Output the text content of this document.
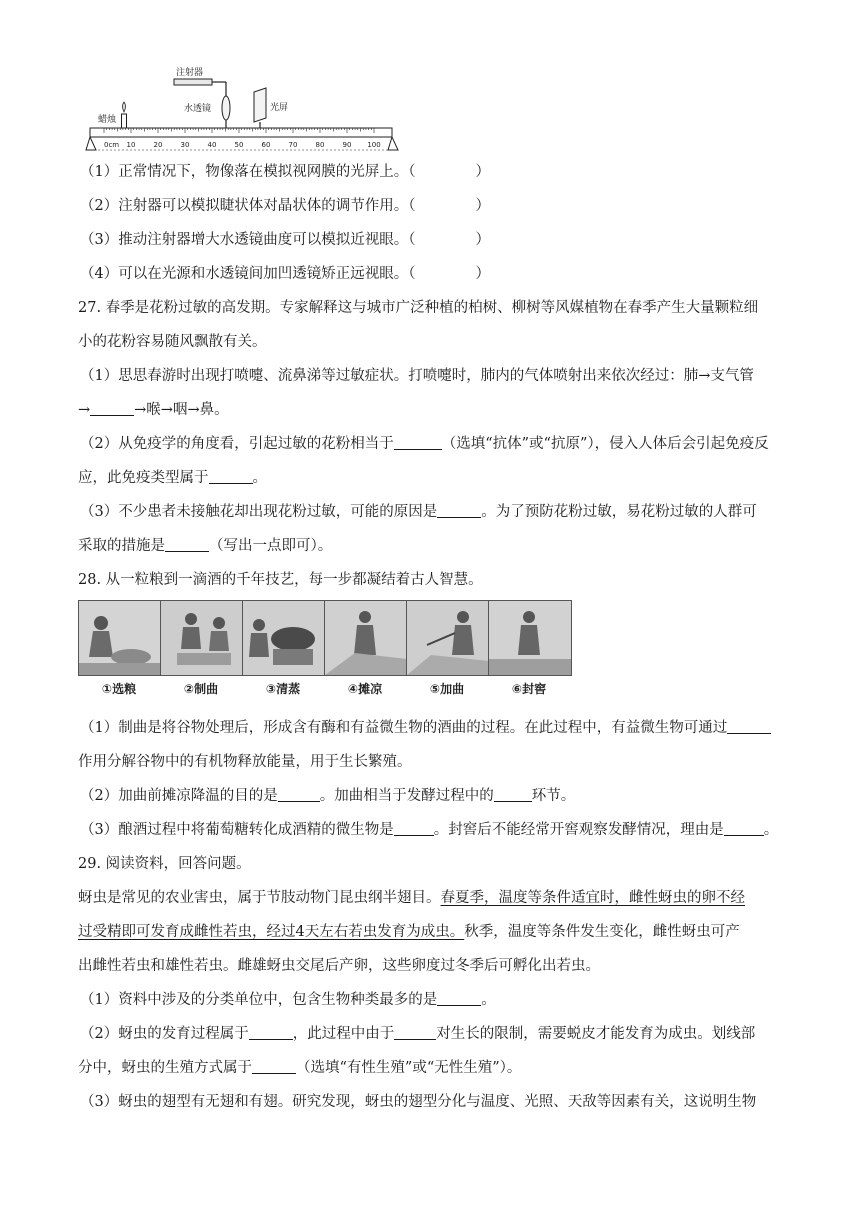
注射器
水透镜	光屏
蜡烛
0cm 10	20	30	40	50	60	70	80	90 100
（1）正常情况下，物像落在模拟视网膜的光屏上。（	）
（2）注射器可以模拟睫状体对晶状体的调节作用。（	）
（3）推动注射器增大水透镜曲度可以模拟近视眼。（	）
（4）可以在光源和水透镜间加凹透镜矫正远视眼。（	）
27. 春季是花粉过敏的高发期。专家解释这与城市广泛种植的柏树、柳树等风媒植物在春季产生大量颗粒细
小的花粉容易随风飘散有关。
（1）思思春游时出现打喷嚏、流鼻涕等过敏症状。打喷嚏时，肺内的气体喷射出来依次经过：肺→支气管
→	→喉→咽→鼻。
（2）从免疫学的角度看，引起过敏的花粉相当于	（选填“抗体”或“抗原”），侵入人体后会引起免疫反
应，此免疫类型属于	。
（3）不少患者未接触花却出现花粉过敏，可能的原因是	。为了预防花粉过敏，易花粉过敏的人群可
采取的措施是	（写出一点即可）。
28. 从一粒粮到一滴酒的千年技艺，每一步都凝结着古人智慧。
①选粮	②制曲	③清蒸	④摊凉	⑤加曲	⑥封窖
（1）制曲是将谷物处理后，形成含有酶和有益微生物的酒曲的过程。在此过程中，有益微生物可通过
作用分解谷物中的有机物释放能量，用于生长繁殖。
（2）加曲前摊凉降温的目的是	。加曲相当于发酵过程中的	环节。
（3）酿酒过程中将葡萄糖转化成酒精的微生物是	。封窖后不能经常开窖观察发酵情况，理由是	。
29. 阅读资料，回答问题。
蚜虫是常见的农业害虫，属于节肢动物门昆虫纲半翅目。春夏季，温度等条件适宜时，雌性蚜虫的卵不经
过受精即可发育成雌性若虫，经过4天左右若虫发育为成虫。秋季，温度等条件发生变化，雌性蚜虫可产
出雌性若虫和雄性若虫。雌雄蚜虫交尾后产卵，这些卵度过冬季后可孵化出若虫。
（1）资料中涉及的分类单位中，包含生物种类最多的是	。
（2）蚜虫的发育过程属于	，此过程中由于	对生长的限制，需要蜕皮才能发育为成虫。划线部
分中，蚜虫的生殖方式属于	（选填“有性生殖”或“无性生殖”）。
（3）蚜虫的翅型有无翅和有翅。研究发现，蚜虫的翅型分化与温度、光照、天敌等因素有关，这说明生物
